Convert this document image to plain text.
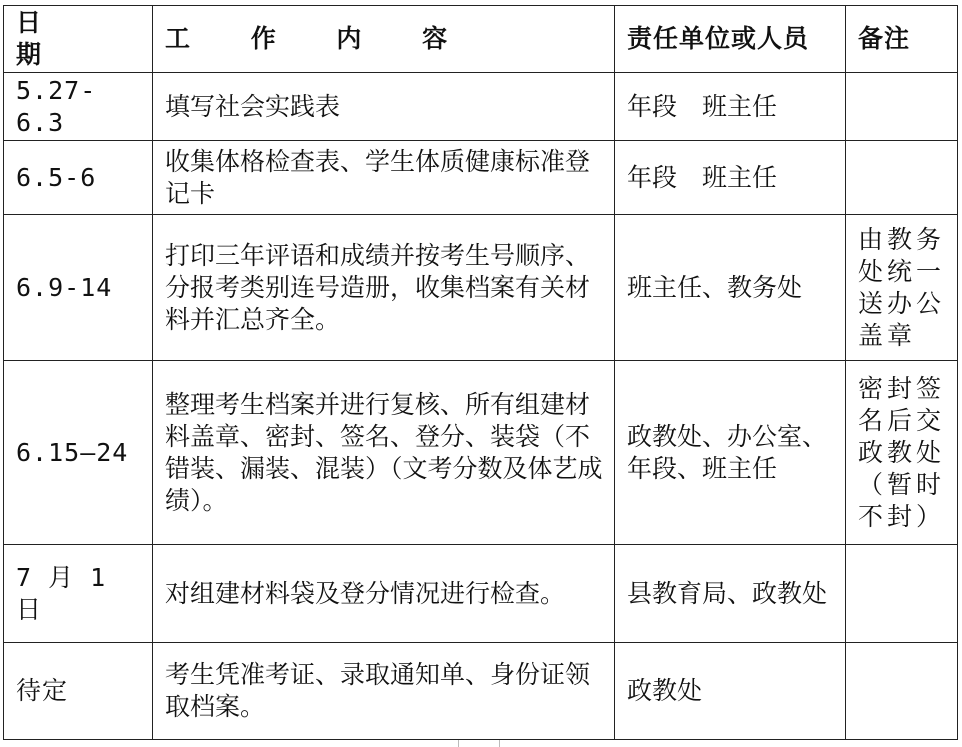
日 期	工 作 内 容	责任单位或人员	备注
5.27-6.3	填写社会实践表	年段　班主任	
6.5-6	收集体格检查表、学生体质健康标准登记卡	年段　班主任	
6.9-14	打印三年评语和成绩并按考生号顺序、分报考类别连号造册，收集档案有关材料并汇总齐全。	班主任、教务处	由教务处统一送办公盖章
6.15—24	整理考生档案并进行复核、所有组建材料盖章、密封、签名、登分、装袋（不错装、漏装、混装）（文考分数及体艺成绩）。	政教处、办公室、年段、班主任	密封签名后交政教处（暂时不封）
7 月 1 日	对组建材料袋及登分情况进行检查。	县教育局、政教处	
待定	考生凭准考证、录取通知单、身份证领取档案。	政教处	
